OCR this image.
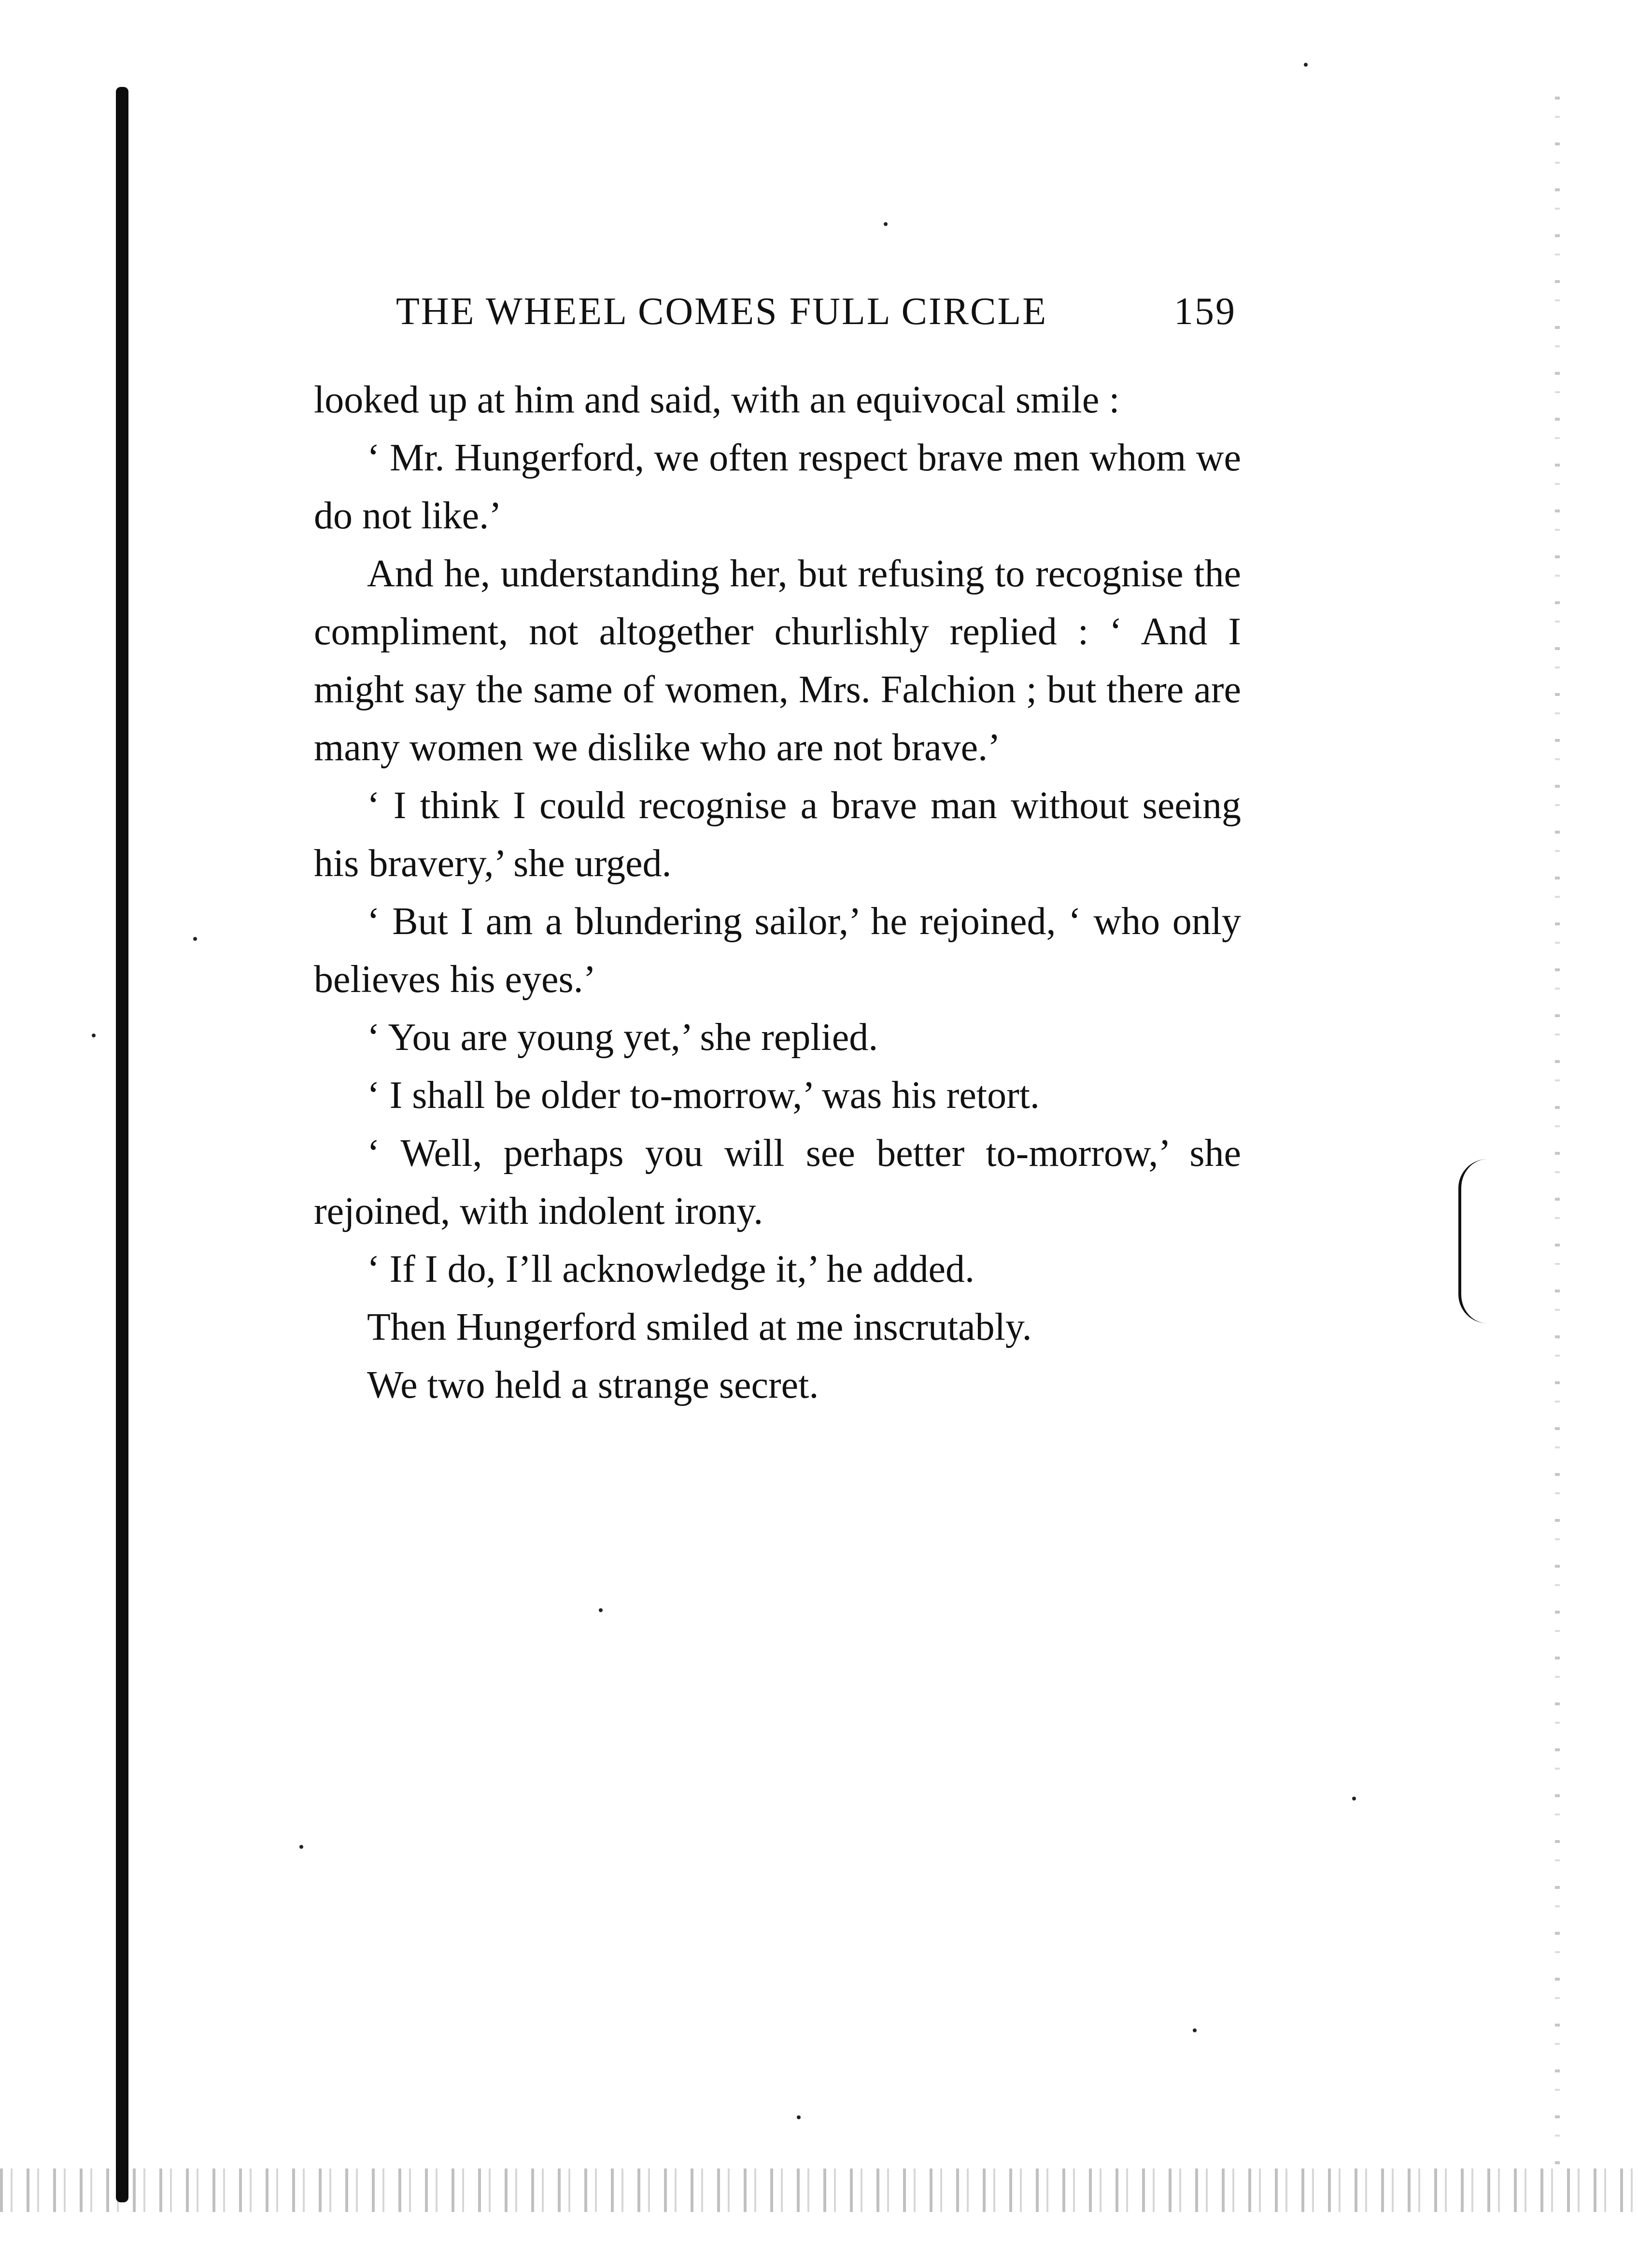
THE WHEEL COMES FULL CIRCLE	159

looked up at him and said, with an equivocal smile :

‘ Mr. Hungerford, we often respect brave men whom we do not like.’

And he, understanding her, but refusing to recognise the compliment, not altogether churlishly replied : ‘ And I might say the same of women, Mrs. Falchion ; but there are many women we dislike who are not brave.’

‘ I think I could recognise a brave man without seeing his bravery,’ she urged.

‘ But I am a blundering sailor,’ he rejoined, ‘ who only believes his eyes.’

‘ You are young yet,’ she replied.

‘ I shall be older to-morrow,’ was his retort.

‘ Well, perhaps you will see better to-morrow,’ she rejoined, with indolent irony.

‘ If I do, I’ll acknowledge it,’ he added.

Then Hungerford smiled at me inscrutably.

We two held a strange secret.
